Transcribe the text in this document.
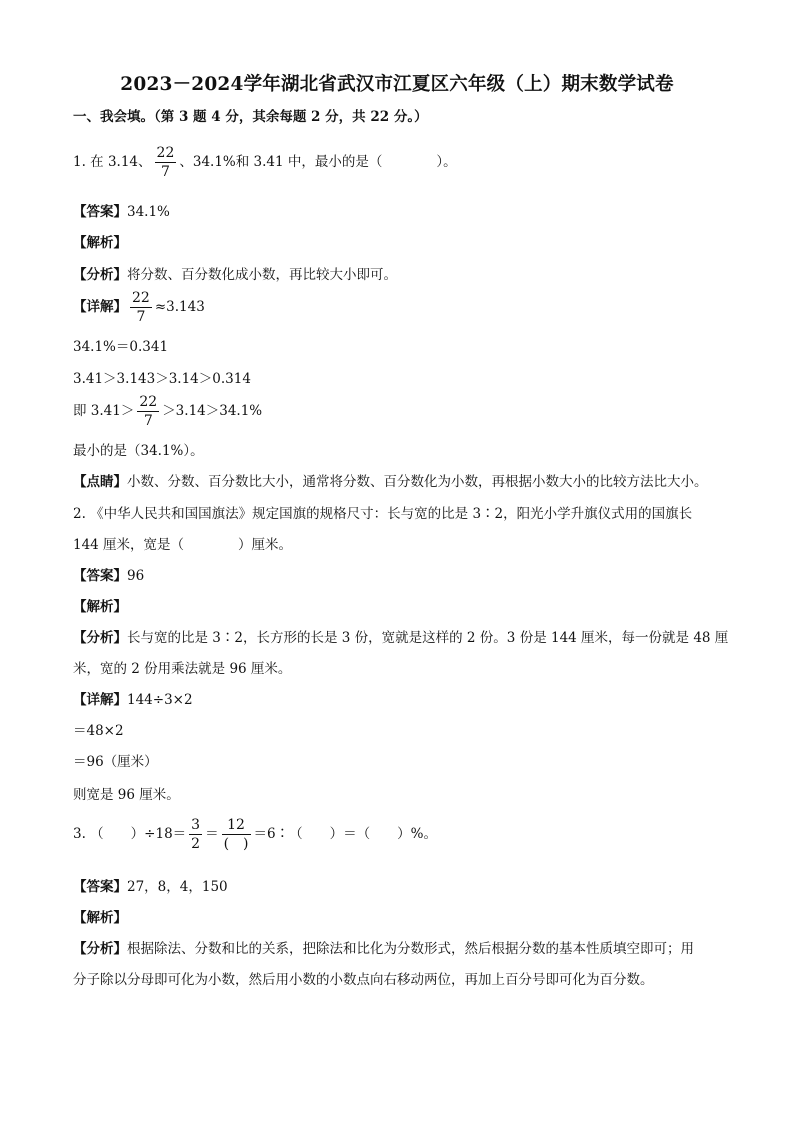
2023－2024学年湖北省武汉市江夏区六年级（上）期末数学试卷
一、我会填。（第 3 题 4 分，其余每题 2 分，共 22 分。）
1. 在 3.14、 $\frac{22}{7}$ 、34.1%和 3.41 中，最小的是（　　　　）。
【答案】34.1%
【解析】
【分析】将分数、百分数化成小数，再比较大小即可。
【详解】 $\frac{22}{7} \approx 3.143$
34.1%＝0.341
3.41＞3.143＞3.14＞0.314
即 $3.41> \frac{22}{7} >3.14>34.1\%$
最小的是（34.1%）。
【点睛】小数、分数、百分数比大小，通常将分数、百分数化为小数，再根据小数大小的比较方法比大小。
2. 《中华人民共和国国旗法》规定国旗的规格尺寸：长与宽的比是 3∶2，阳光小学升旗仪式用的国旗长
144 厘米，宽是（　　　　）厘米。
【答案】96
【解析】
【分析】长与宽的比是 3∶2，长方形的长是 3 份，宽就是这样的 2 份。3 份是 144 厘米，每一份就是 48 厘
米，宽的 2 份用乘法就是 96 厘米。
【详解】144÷3×2
＝48×2
＝96（厘米）
则宽是 96 厘米。
3. （　　）$\div 18= \frac{3}{2} = \frac{12}{( )}$ ＝6∶（　　）＝（　　）%。
【答案】27，8，4，150
【解析】
【分析】根据除法、分数和比的关系，把除法和比化为分数形式，然后根据分数的基本性质填空即可；用
分子除以分母即可化为小数，然后用小数的小数点向右移动两位，再加上百分号即可化为百分数。
